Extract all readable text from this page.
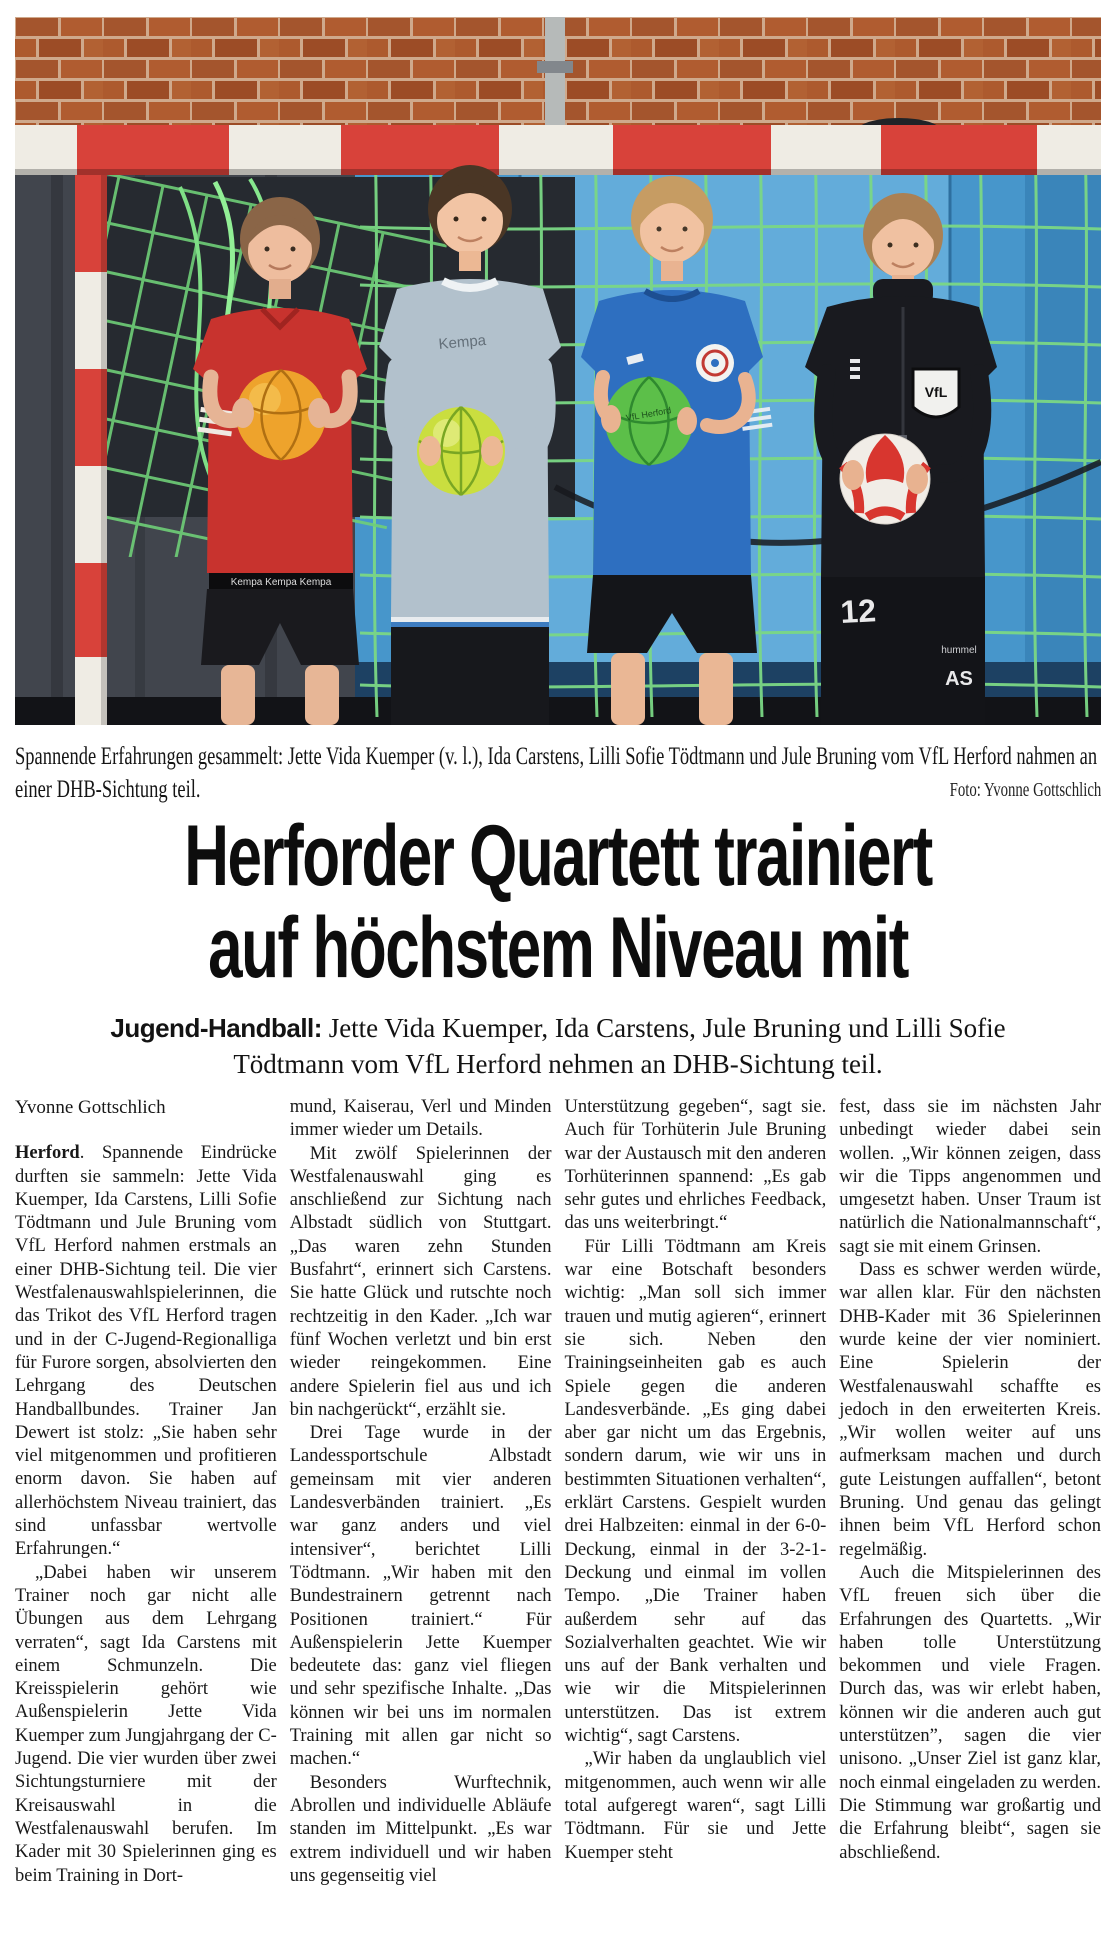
Kempa Kempa Kempa
Kempa
VfL Herford
VfL
12
hummel
AS
Spannende Erfahrungen gesammelt: Jette Vida Kuemper (v. l.), Ida Carstens, Lilli Sofie Tödtmann und Jule Bruning vom VfL Herford nahmen an einer DHB-Sichtung teil.	Foto: Yvonne Gottschlich
Herforder Quartett trainiert
auf höchstem Niveau mit

Jugend-Handball: Jette Vida Kuemper, Ida Carstens, Jule Bruning und Lilli Sofie Tödtmann vom VfL Herford nehmen an DHB-Sichtung teil.

Yvonne Gottschlich

Herford. Spannende Eindrücke durften sie sammeln: Jette Vida Kuemper, Ida Carstens, Lilli Sofie Tödtmann und Jule Bruning vom VfL Herford nahmen erstmals an einer DHB-Sichtung teil. Die vier Westfalenauswahlspielerinnen, die das Trikot des VfL Herford tragen und in der C-Jugend-Regionalliga für Furore sorgen, absolvierten den Lehrgang des Deutschen Handballbundes. Trainer Jan Dewert ist stolz: „Sie haben sehr viel mitgenommen und profitieren enorm davon. Sie haben auf allerhöchstem Niveau trainiert, das sind unfassbar wertvolle Erfahrungen.“

„Dabei haben wir unserem Trainer noch gar nicht alle Übungen aus dem Lehrgang verraten“, sagt Ida Carstens mit einem Schmunzeln. Die Kreisspielerin gehört wie Außenspielerin Jette Vida Kuemper zum Jungjahrgang der C-Jugend. Die vier wurden über zwei Sichtungsturniere mit der Kreisauswahl in die Westfalenauswahl berufen. Im Kader mit 30 Spielerinnen ging es beim Training in Dort-

mund, Kaiserau, Verl und Minden immer wieder um Details.

Mit zwölf Spielerinnen der Westfalenauswahl ging es anschließend zur Sichtung nach Albstadt südlich von Stuttgart. „Das waren zehn Stunden Busfahrt“, erinnert sich Carstens. Sie hatte Glück und rutschte noch rechtzeitig in den Kader. „Ich war fünf Wochen verletzt und bin erst wieder reingekommen. Eine andere Spielerin fiel aus und ich bin nachgerückt“, erzählt sie.

Drei Tage wurde in der Landessportschule Albstadt gemeinsam mit vier anderen Landesverbänden trainiert. „Es war ganz anders und viel intensiver“, berichtet Lilli Tödtmann. „Wir haben mit den Bundestrainern getrennt nach Positionen trainiert.“ Für Außenspielerin Jette Kuemper bedeutete das: ganz viel fliegen und sehr spezifische Inhalte. „Das können wir bei uns im normalen Training mit allen gar nicht so machen.“

Besonders Wurftechnik, Abrollen und individuelle Abläufe standen im Mittelpunkt. „Es war extrem individuell und wir haben uns gegenseitig viel

Unterstützung gegeben“, sagt sie. Auch für Torhüterin Jule Bruning war der Austausch mit den anderen Torhüterinnen spannend: „Es gab sehr gutes und ehrliches Feedback, das uns weiterbringt.“

Für Lilli Tödtmann am Kreis war eine Botschaft besonders wichtig: „Man soll sich immer trauen und mutig agieren“, erinnert sie sich. Neben den Trainingseinheiten gab es auch Spiele gegen die anderen Landesverbände. „Es ging dabei aber gar nicht um das Ergebnis, sondern darum, wie wir uns in bestimmten Situationen verhalten“, erklärt Carstens. Gespielt wurden drei Halbzeiten: einmal in der 6-0-Deckung, einmal in der 3-2-1-Deckung und einmal im vollen Tempo. „Die Trainer haben außerdem sehr auf das Sozialverhalten geachtet. Wie wir uns auf der Bank verhalten und wie wir die Mitspielerinnen unterstützen. Das ist extrem wichtig“, sagt Carstens.

„Wir haben da unglaublich viel mitgenommen, auch wenn wir alle total aufgeregt waren“, sagt Lilli Tödtmann. Für sie und Jette Kuemper steht

fest, dass sie im nächsten Jahr unbedingt wieder dabei sein wollen. „Wir können zeigen, dass wir die Tipps angenommen und umgesetzt haben. Unser Traum ist natürlich die Nationalmannschaft“, sagt sie mit einem Grinsen.

Dass es schwer werden würde, war allen klar. Für den nächsten DHB-Kader mit 36 Spielerinnen wurde keine der vier nominiert. Eine Spielerin der Westfalenauswahl schaffte es jedoch in den erweiterten Kreis. „Wir wollen weiter auf uns aufmerksam machen und durch gute Leistungen auffallen“, betont Bruning. Und genau das gelingt ihnen beim VfL Herford schon regelmäßig.

Auch die Mitspielerinnen des VfL freuen sich über die Erfahrungen des Quartetts. „Wir haben tolle Unterstützung bekommen und viele Fragen. Durch das, was wir erlebt haben, können wir die anderen auch gut unterstützen”, sagen die vier unisono. „Unser Ziel ist ganz klar, noch einmal eingeladen zu werden. Die Stimmung war großartig und die Erfahrung bleibt“, sagen sie abschließend.
